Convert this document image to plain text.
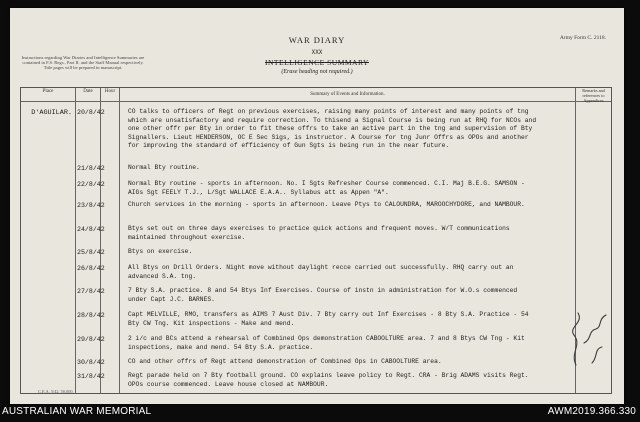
Instructions regarding War Diaries and Intelligence Summaries are contained in F.S. Regs., Part II. and the Staff Manual respectively. Title pages will be prepared in manuscript.
WAR DIARY
XXX
INTELLIGENCE SUMMARY
(Erase heading not required.)
Army Form C. 2118.
Place	Date	Hour
Summary of Events and Information.
Remarks and references to Appendices
D'AGUILAR. 20/8/42	CO talks to officers of Regt on previous exercises, raising many points of interest and many points of tng which are unsatisfactory and require correction. To thisend a Signal Course is being run at RHQ for NCOs and one other offr per Bty in order to fit these offrs to take an active part in the tng and supervision of Bty Signallers. Lieut HENDERSON, OC E Sec Sigs, is instructor. A Course for tng Junr Offrs as OPOs and another for improving the standard of efficiency of Gun Sgts is being run in the near future.
21/8/42	Normal Bty routine.
22/8/42	Normal Bty routine - sports in afternoon. No. I Sgts Refresher Course commenced. C.I. Maj B.E.G. SAMSON - AIGs Sgt FEELY T.J., L/Sgt WALLACE E.A.A.. Syllabus att as Appen "A".
23/8/42	Church services in the morning - sports in afternoon. Leave Ptys to CALOUNDRA, MAROOCHYDORE, and NAMBOUR.
24/8/42	Btys set out on three days exercises to practice quick actions and frequent moves. W/T communications maintained throughout exercise.
25/8/42	Btys on exercise.
26/8/42	All Btys on Drill Orders. Night move without daylight recce carried out successfully. RHQ carry out an advanced S.A. tng.
27/8/42	7 Bty S.A. practice. 8 and 54 Btys Inf Exercises. Course of instn in administration for W.O.s commenced under Capt J.C. BARNES.
28/8/42	Capt MELVILLE, RMO, transfers as AIMS 7 Aust Div. 7 Bty carry out Inf Exercises - 8 Bty S.A. Practice - 54 Bty CW Tng. Kit inspections - Make and mend.
29/8/42	2 i/c and BCs attend a rehearsal of Combined Ops demonstration CABOOLTURE area. 7 and 8 Btys CW Tng - Kit inspections, make and mend. 54 Bty S.A. practice.
30/8/42	CO and other offrs of Regt attend demonstration of Combined Ops in CABOOLTURE area.
31/8/42	Regt parade held on 7 Bty football ground. CO explains leave policy to Regt. CRA - Brig ADAMS visits Regt. OPOs course commenced. Leave house closed at NAMBOUR.
C.E.A. 5/42. 50,000.
AUSTRALIAN WAR MEMORIAL	AWM2019.366.330
